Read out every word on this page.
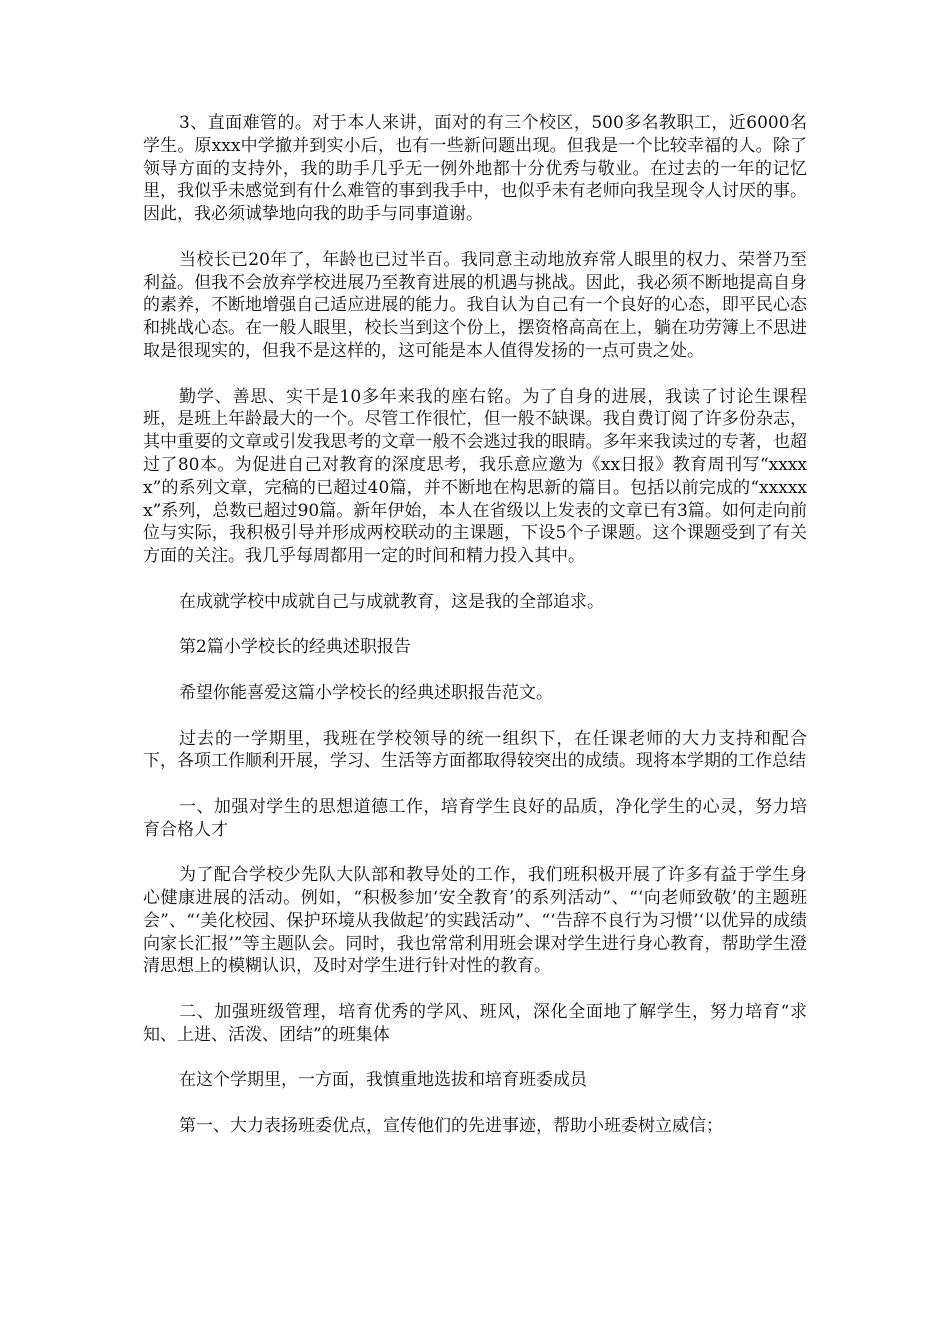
3、直面难管的。对于本人来讲，面对的有三个校区，500多名教职工，近6000名学生。原xxx中学撤并到实小后，也有一些新问题出现。但我是一个比较幸福的人。除了领导方面的支持外，我的助手几乎无一例外地都十分优秀与敬业。在过去的一年的记忆里，我似乎未感觉到有什么难管的事到我手中，也似乎未有老师向我呈现令人讨厌的事。因此，我必须诚挚地向我的助手与同事道谢。

当校长已20年了，年龄也已过半百。我同意主动地放弃常人眼里的权力、荣誉乃至利益。但我不会放弃学校进展乃至教育进展的机遇与挑战。因此，我必须不断地提高自身的素养，不断地增强自己适应进展的能力。我自认为自己有一个良好的心态，即平民心态和挑战心态。在一般人眼里，校长当到这个份上，摆资格高高在上，躺在功劳簿上不思进取是很现实的，但我不是这样的，这可能是本人值得发扬的一点可贵之处。

勤学、善思、实干是10多年来我的座右铭。为了自身的进展，我读了讨论生课程班，是班上年龄最大的一个。尽管工作很忙，但一般不缺课。我自费订阅了许多份杂志，其中重要的文章或引发我思考的文章一般不会逃过我的眼睛。多年来我读过的专著，也超过了80本。为促进自己对教育的深度思考，我乐意应邀为《xx日报》教育周刊写“xxxxx”的系列文章，完稿的已超过40篇，并不断地在构思新的篇目。包括以前完成的“xxxxxx”系列，总数已超过90篇。新年伊始，本人在省级以上发表的文章已有3篇。如何走向前位与实际，我积极引导并形成两校联动的主课题，下设5个子课题。这个课题受到了有关方面的关注。我几乎每周都用一定的时间和精力投入其中。

在成就学校中成就自己与成就教育，这是我的全部追求。

第2篇小学校长的经典述职报告

希望你能喜爱这篇小学校长的经典述职报告范文。

过去的一学期里，我班在学校领导的统一组织下，在任课老师的大力支持和配合下，各项工作顺利开展，学习、生活等方面都取得较突出的成绩。现将本学期的工作总结

一、加强对学生的思想道德工作，培育学生良好的品质，净化学生的心灵，努力培育合格人才

为了配合学校少先队大队部和教导处的工作，我们班积极开展了许多有益于学生身心健康进展的活动。例如，“积极参加‘安全教育’的系列活动”、“‘向老师致敬’的主题班会”、“‘美化校园、保护环境从我做起’的实践活动”、“‘告辞不良行为习惯’‘以优异的成绩向家长汇报’”等主题队会。同时，我也常常利用班会课对学生进行身心教育，帮助学生澄清思想上的模糊认识，及时对学生进行针对性的教育。

二、加强班级管理，培育优秀的学风、班风，深化全面地了解学生，努力培育“求知、上进、活泼、团结”的班集体

在这个学期里，一方面，我慎重地选拔和培育班委成员

第一、大力表扬班委优点，宣传他们的先进事迹，帮助小班委树立威信；
